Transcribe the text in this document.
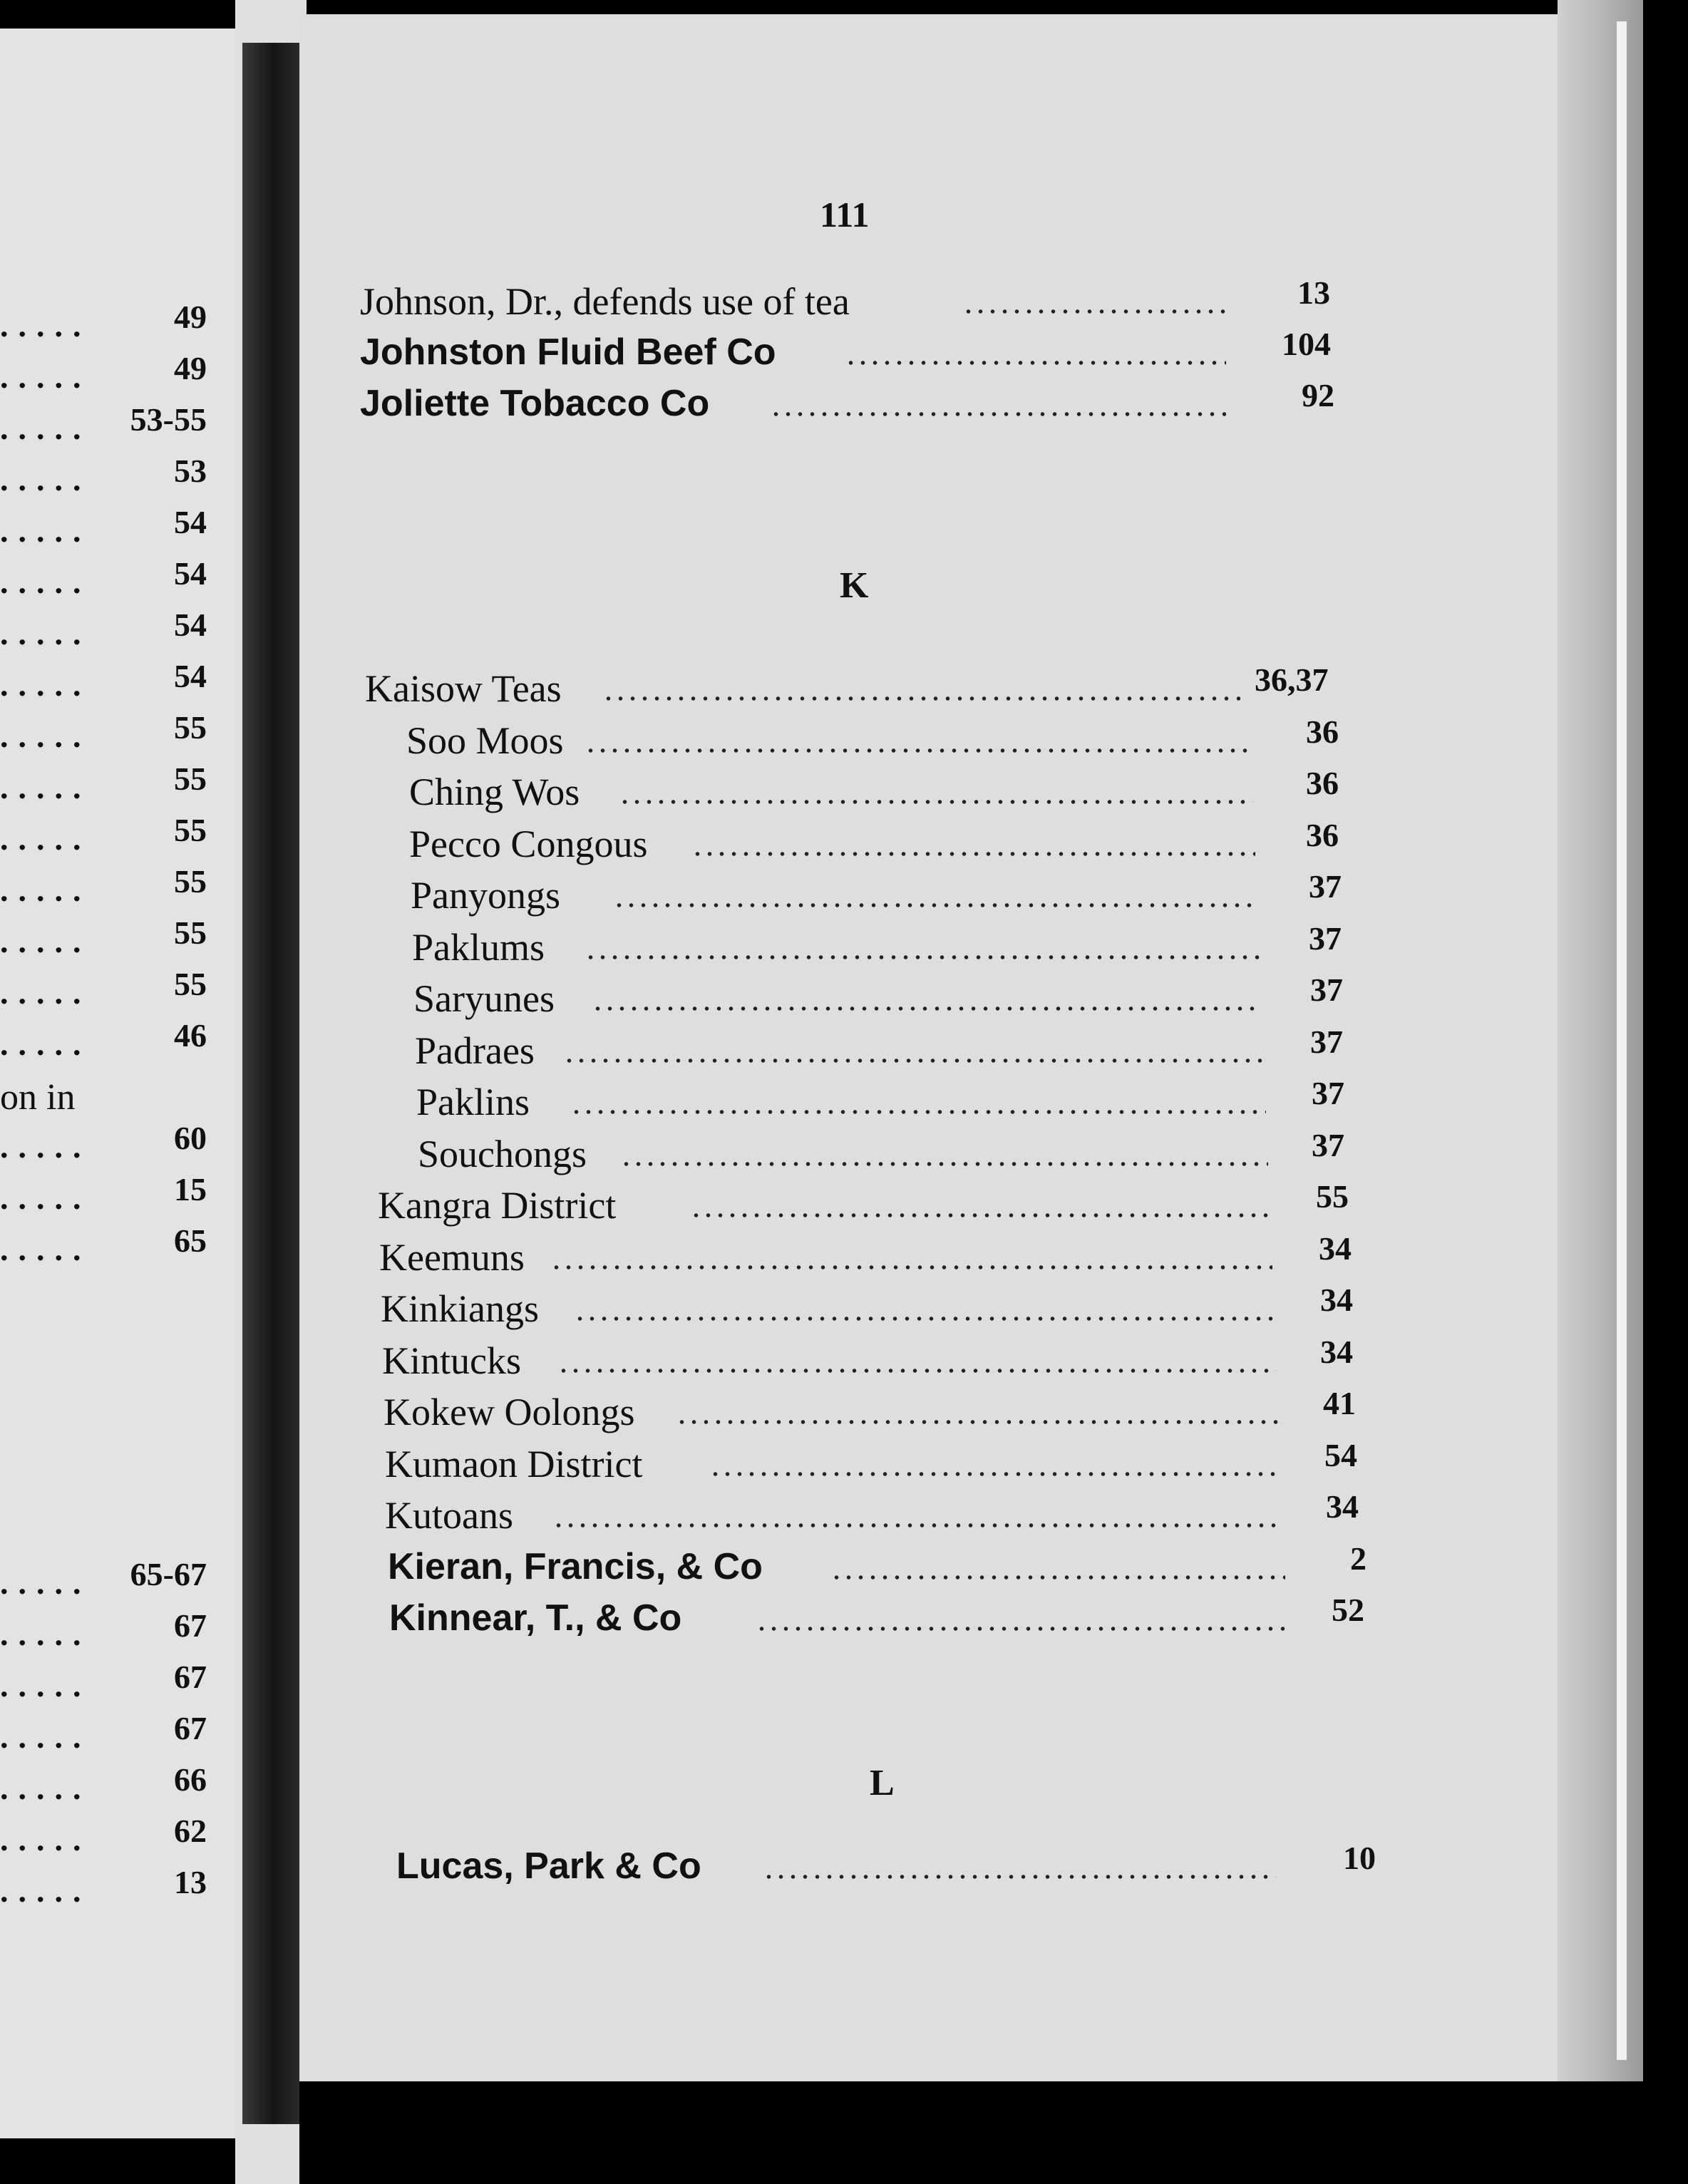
.....	49
.....	49
..... 53-55
.....	53
.....	54
.....	54
.....	54
.....	54
.....	55
.....	55
.....	55
.....	55
.....	55
.....	55
.....	46
.....	60
.....	15
.....	65
..... 65-67
.....	67
.....	67
.....	67
.....	66
.....	62
.....	13
on in
111
Johnson, Dr., defends use of tea	13
Johnston Fluid Beef Co	104
Joliette Tobacco Co	92
K
Kaisow Teas	36,37
Soo Moos	36
Ching Wos	36
Pecco Congous	36
Panyongs	37
Paklums	37
Saryunes	37
Padraes	37
Paklins	37
Souchongs	37
Kangra District	55
Keemuns	34
Kinkiangs	34
Kintucks	34
Kokew Oolongs	41
Kumaon District	54
Kutoans	34
Kieran, Francis, & Co	2
Kinnear, T., & Co	52
L
Lucas, Park & Co	10
